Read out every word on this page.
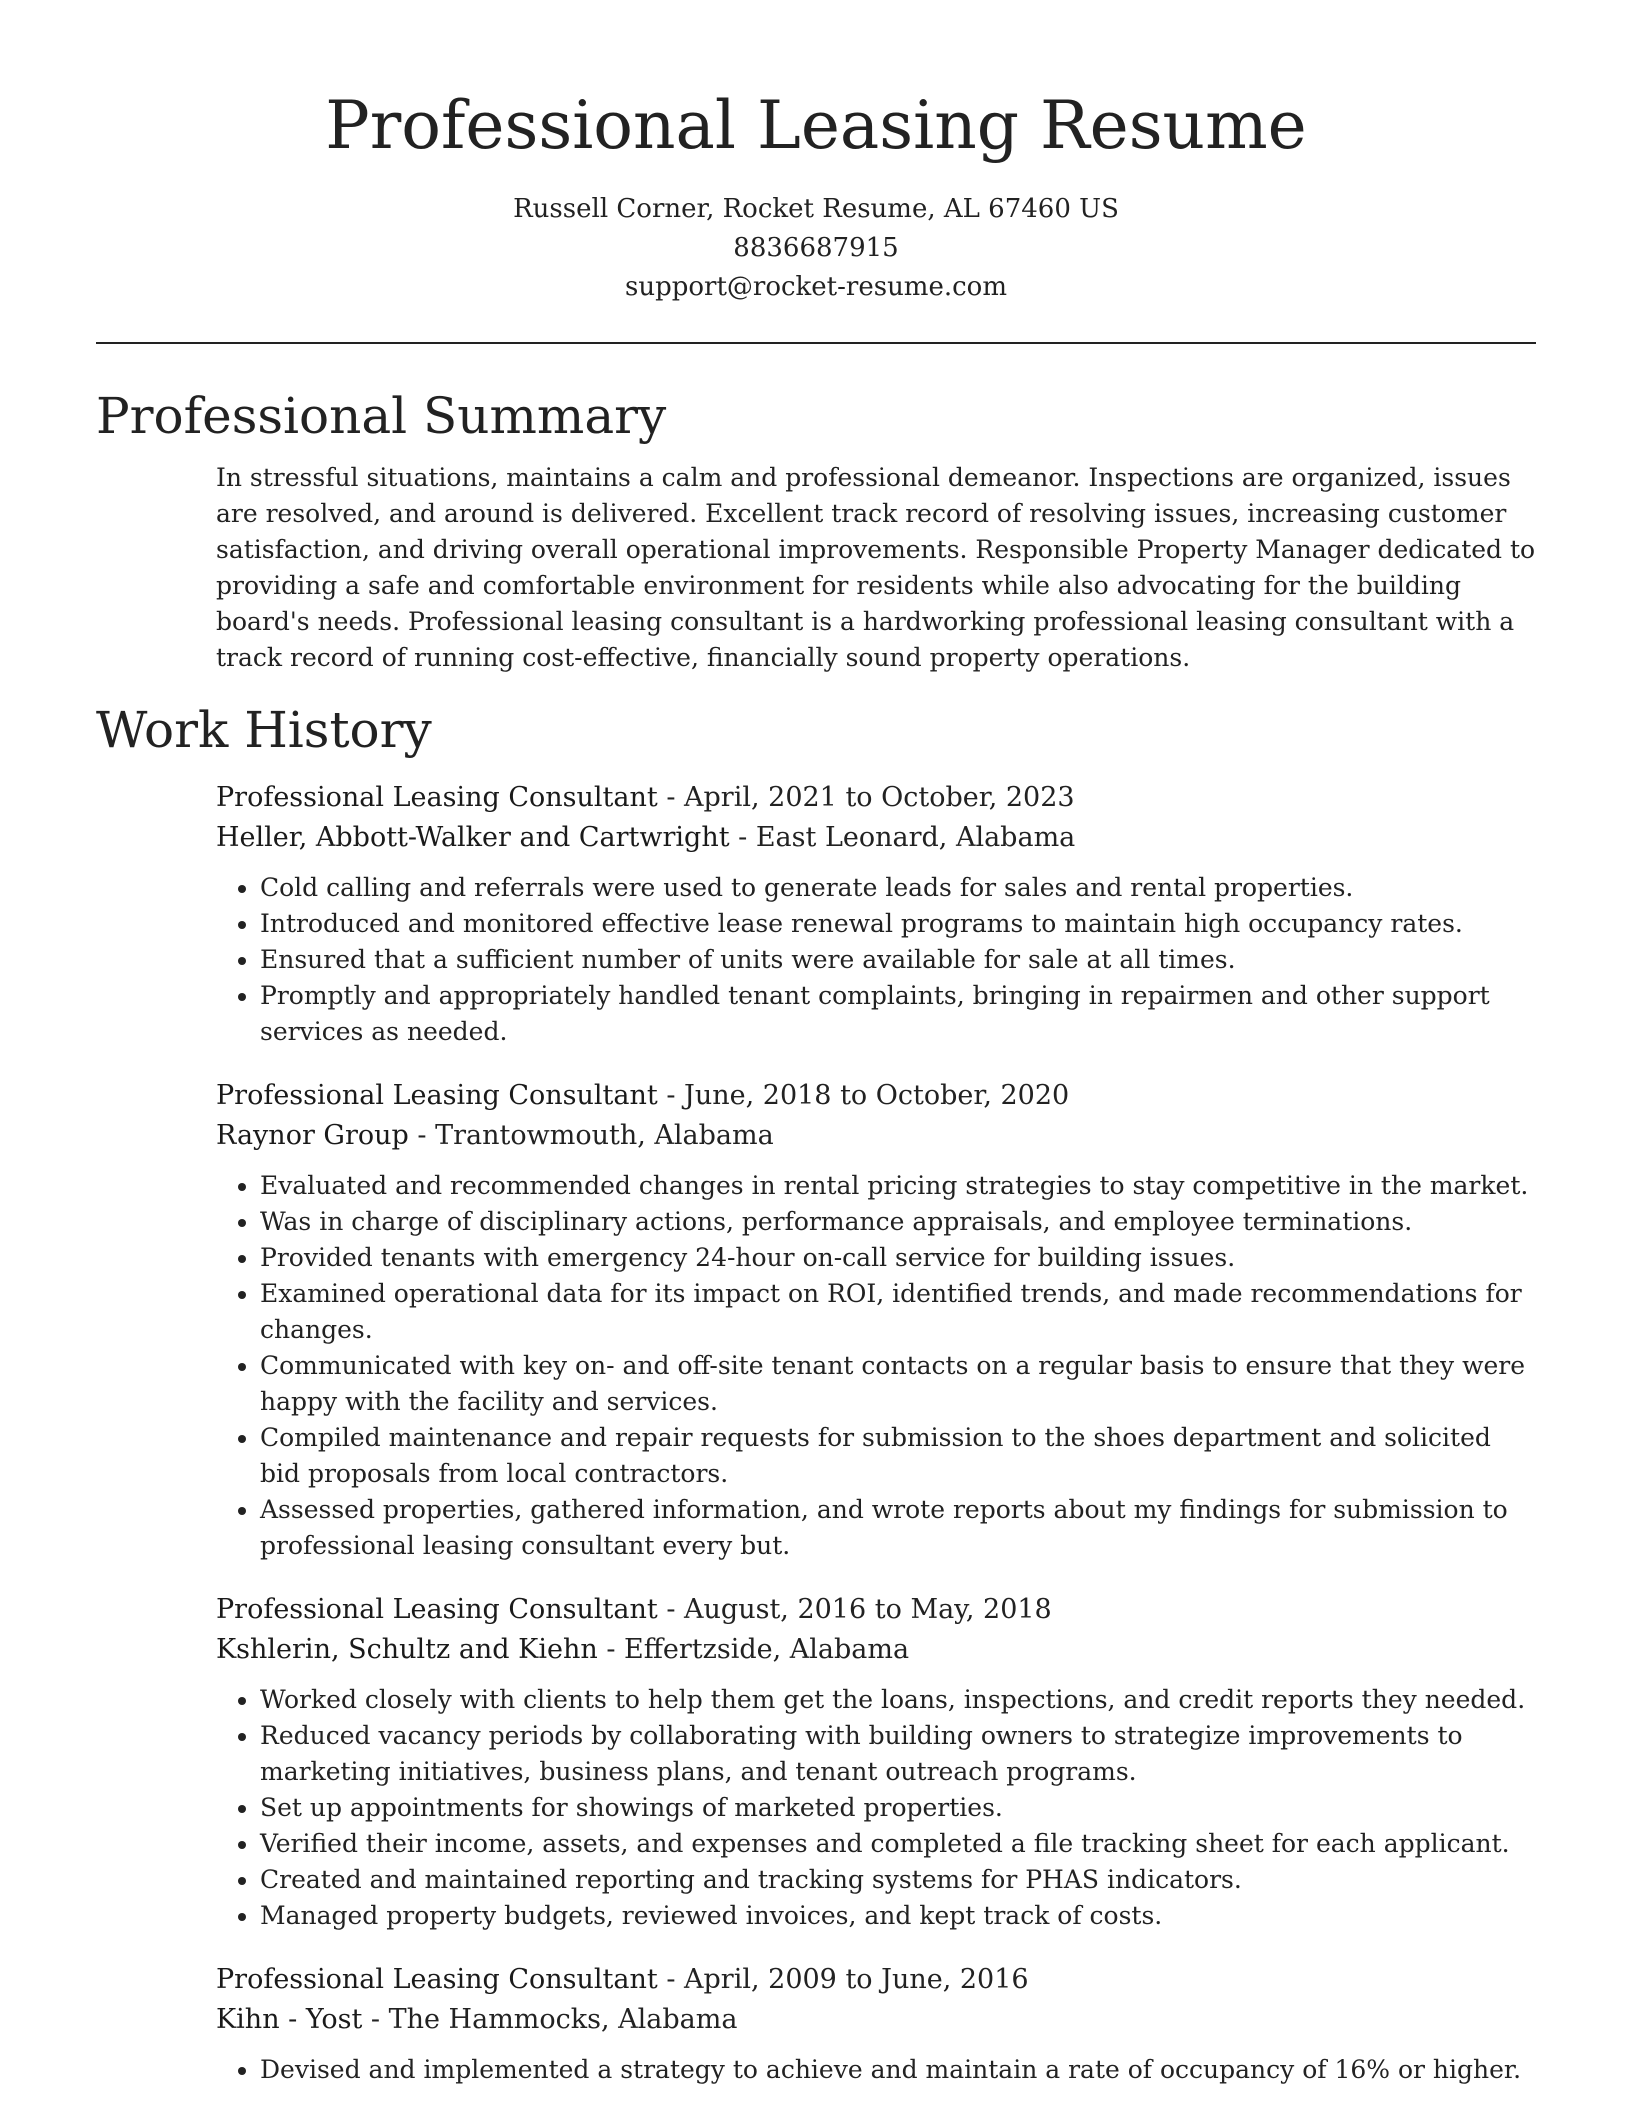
Professional Leasing Resume

Russell Corner, Rocket Resume, AL 67460 US

8836687915

support@rocket-resume.com

Professional Summary

In stressful situations, maintains a calm and professional demeanor. Inspections are organized, issues are resolved, and around is delivered. Excellent track record of resolving issues, increasing customer satisfaction, and driving overall operational improvements. Responsible Property Manager dedicated to providing a safe and comfortable environment for residents while also advocating for the building board's needs. Professional leasing consultant is a hardworking professional leasing consultant with a track record of running cost-effective, financially sound property operations.

Work History

Professional Leasing Consultant - April, 2021 to October, 2023

Heller, Abbott-Walker and Cartwright - East Leonard, Alabama

• Cold calling and referrals were used to generate leads for sales and rental properties.
• Introduced and monitored effective lease renewal programs to maintain high occupancy rates.
• Ensured that a sufficient number of units were available for sale at all times.
• Promptly and appropriately handled tenant complaints, bringing in repairmen and other support services as needed.

Professional Leasing Consultant - June, 2018 to October, 2020

Raynor Group - Trantowmouth, Alabama

• Evaluated and recommended changes in rental pricing strategies to stay competitive in the market.
• Was in charge of disciplinary actions, performance appraisals, and employee terminations.
• Provided tenants with emergency 24-hour on-call service for building issues.
• Examined operational data for its impact on ROI, identified trends, and made recommendations for changes.
• Communicated with key on- and off-site tenant contacts on a regular basis to ensure that they were happy with the facility and services.
• Compiled maintenance and repair requests for submission to the shoes department and solicited bid proposals from local contractors.
• Assessed properties, gathered information, and wrote reports about my findings for submission to professional leasing consultant every but.

Professional Leasing Consultant - August, 2016 to May, 2018

Kshlerin, Schultz and Kiehn - Effertzside, Alabama

• Worked closely with clients to help them get the loans, inspections, and credit reports they needed.
• Reduced vacancy periods by collaborating with building owners to strategize improvements to marketing initiatives, business plans, and tenant outreach programs.
• Set up appointments for showings of marketed properties.
• Verified their income, assets, and expenses and completed a file tracking sheet for each applicant.
• Created and maintained reporting and tracking systems for PHAS indicators.
• Managed property budgets, reviewed invoices, and kept track of costs.

Professional Leasing Consultant - April, 2009 to June, 2016

Kihn - Yost - The Hammocks, Alabama

• Devised and implemented a strategy to achieve and maintain a rate of occupancy of 16% or higher.
